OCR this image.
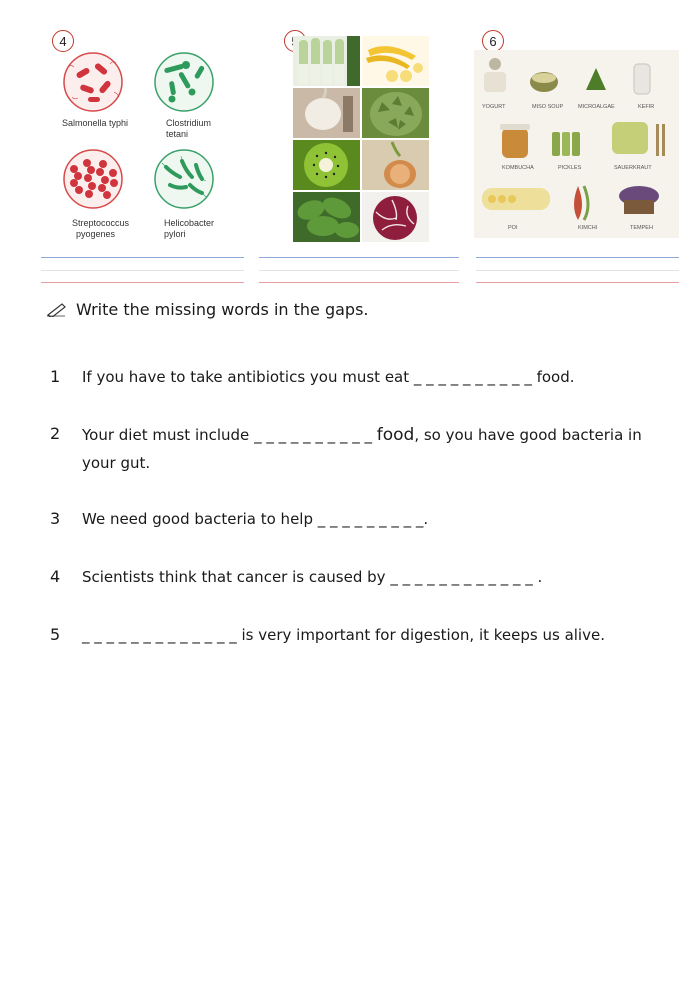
4
Salmonella typhi	Clostridium
tetani
Streptococcus
pyogenes
Helicobacter
pylori
6
YOGURT	MISO SOUP	MICROALGAE	KEFIR
KOMBUCHA	PICKLES	SAUERKRAUT
POI	KIMCHI	TEMPEH
Write the missing words in the gaps.
1 If you have to take antibiotics you must eat _ _ _ _ _ _ _ _ _ _ food.
2 Your diet must include _ _ _ _ _ _ _ _ _ _ food, so you have good bacteria in
your gut.
3 We need good bacteria to help _ _ _ _ _ _ _ _ _.
4 Scientists think that cancer is caused by _ _ _ _ _ _ _ _ _ _ _ _ .
5 _ _ _ _ _ _ _ _ _ _ _ _ _ is very important for digestion, it keeps us alive.
